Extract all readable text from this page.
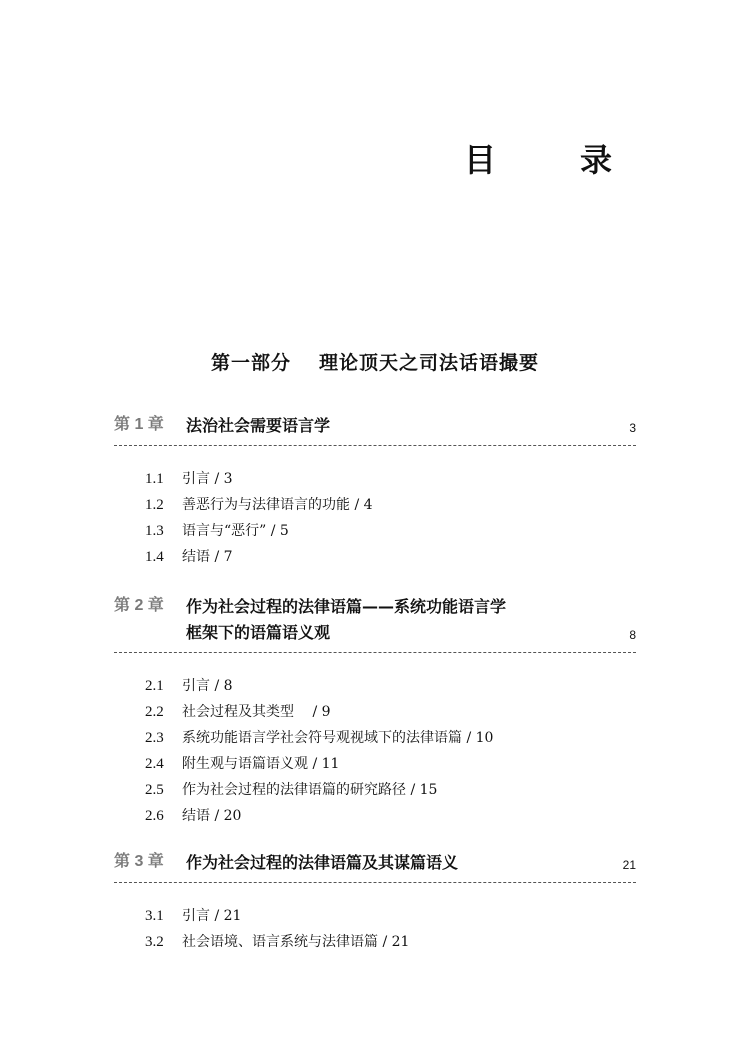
目　录
第一部分 理论顶天之司法话语撮要
第 1 章	法治社会需要语言学	3
1.1 引言 / 3
1.2 善恶行为与法律语言的功能 / 4
1.3 语言与“恶行” / 5
1.4 结语 / 7
第 2 章	作为社会过程的法律语篇——系统功能语言学
框架下的语篇语义观	8
2.1 引言 / 8
2.2 社会过程及其类型　 / 9
2.3 系统功能语言学社会符号观视域下的法律语篇 / 10
2.4 附生观与语篇语义观 / 11
2.5 作为社会过程的法律语篇的研究路径 / 15
2.6 结语 / 20
第 3 章	作为社会过程的法律语篇及其谋篇语义	21
3.1 引言 / 21
3.2 社会语境、语言系统与法律语篇 / 21
